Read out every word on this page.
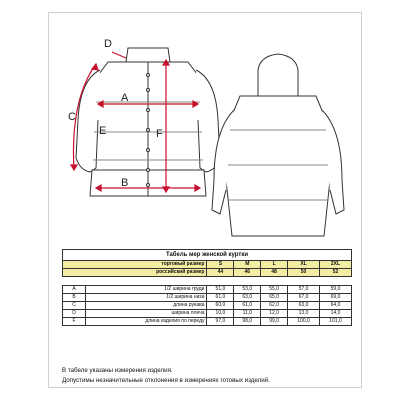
D
A
C
E	F
B
Табель мер женской куртки
торговый размер		S	M	L	XL	2XL
российский размер		44	46	48	50	52

A	1/2 ширина груди	51,0	53,0	55,0	57,0	59,0
B	1/2 ширина низа	61,0	63,0	65,0	67,0	69,0
C	длина рукава	60,0	61,0	62,0	63,0	64,0
D	ширина плеча	10,0	11,0	12,0	13,0	14,0
F	длина изделия по переду	97,0	98,0	99,0	100,0	101,0
В табеле указаны измерения изделия.
Допустимы незначительные отклонения в измерениях готовых изделий.
